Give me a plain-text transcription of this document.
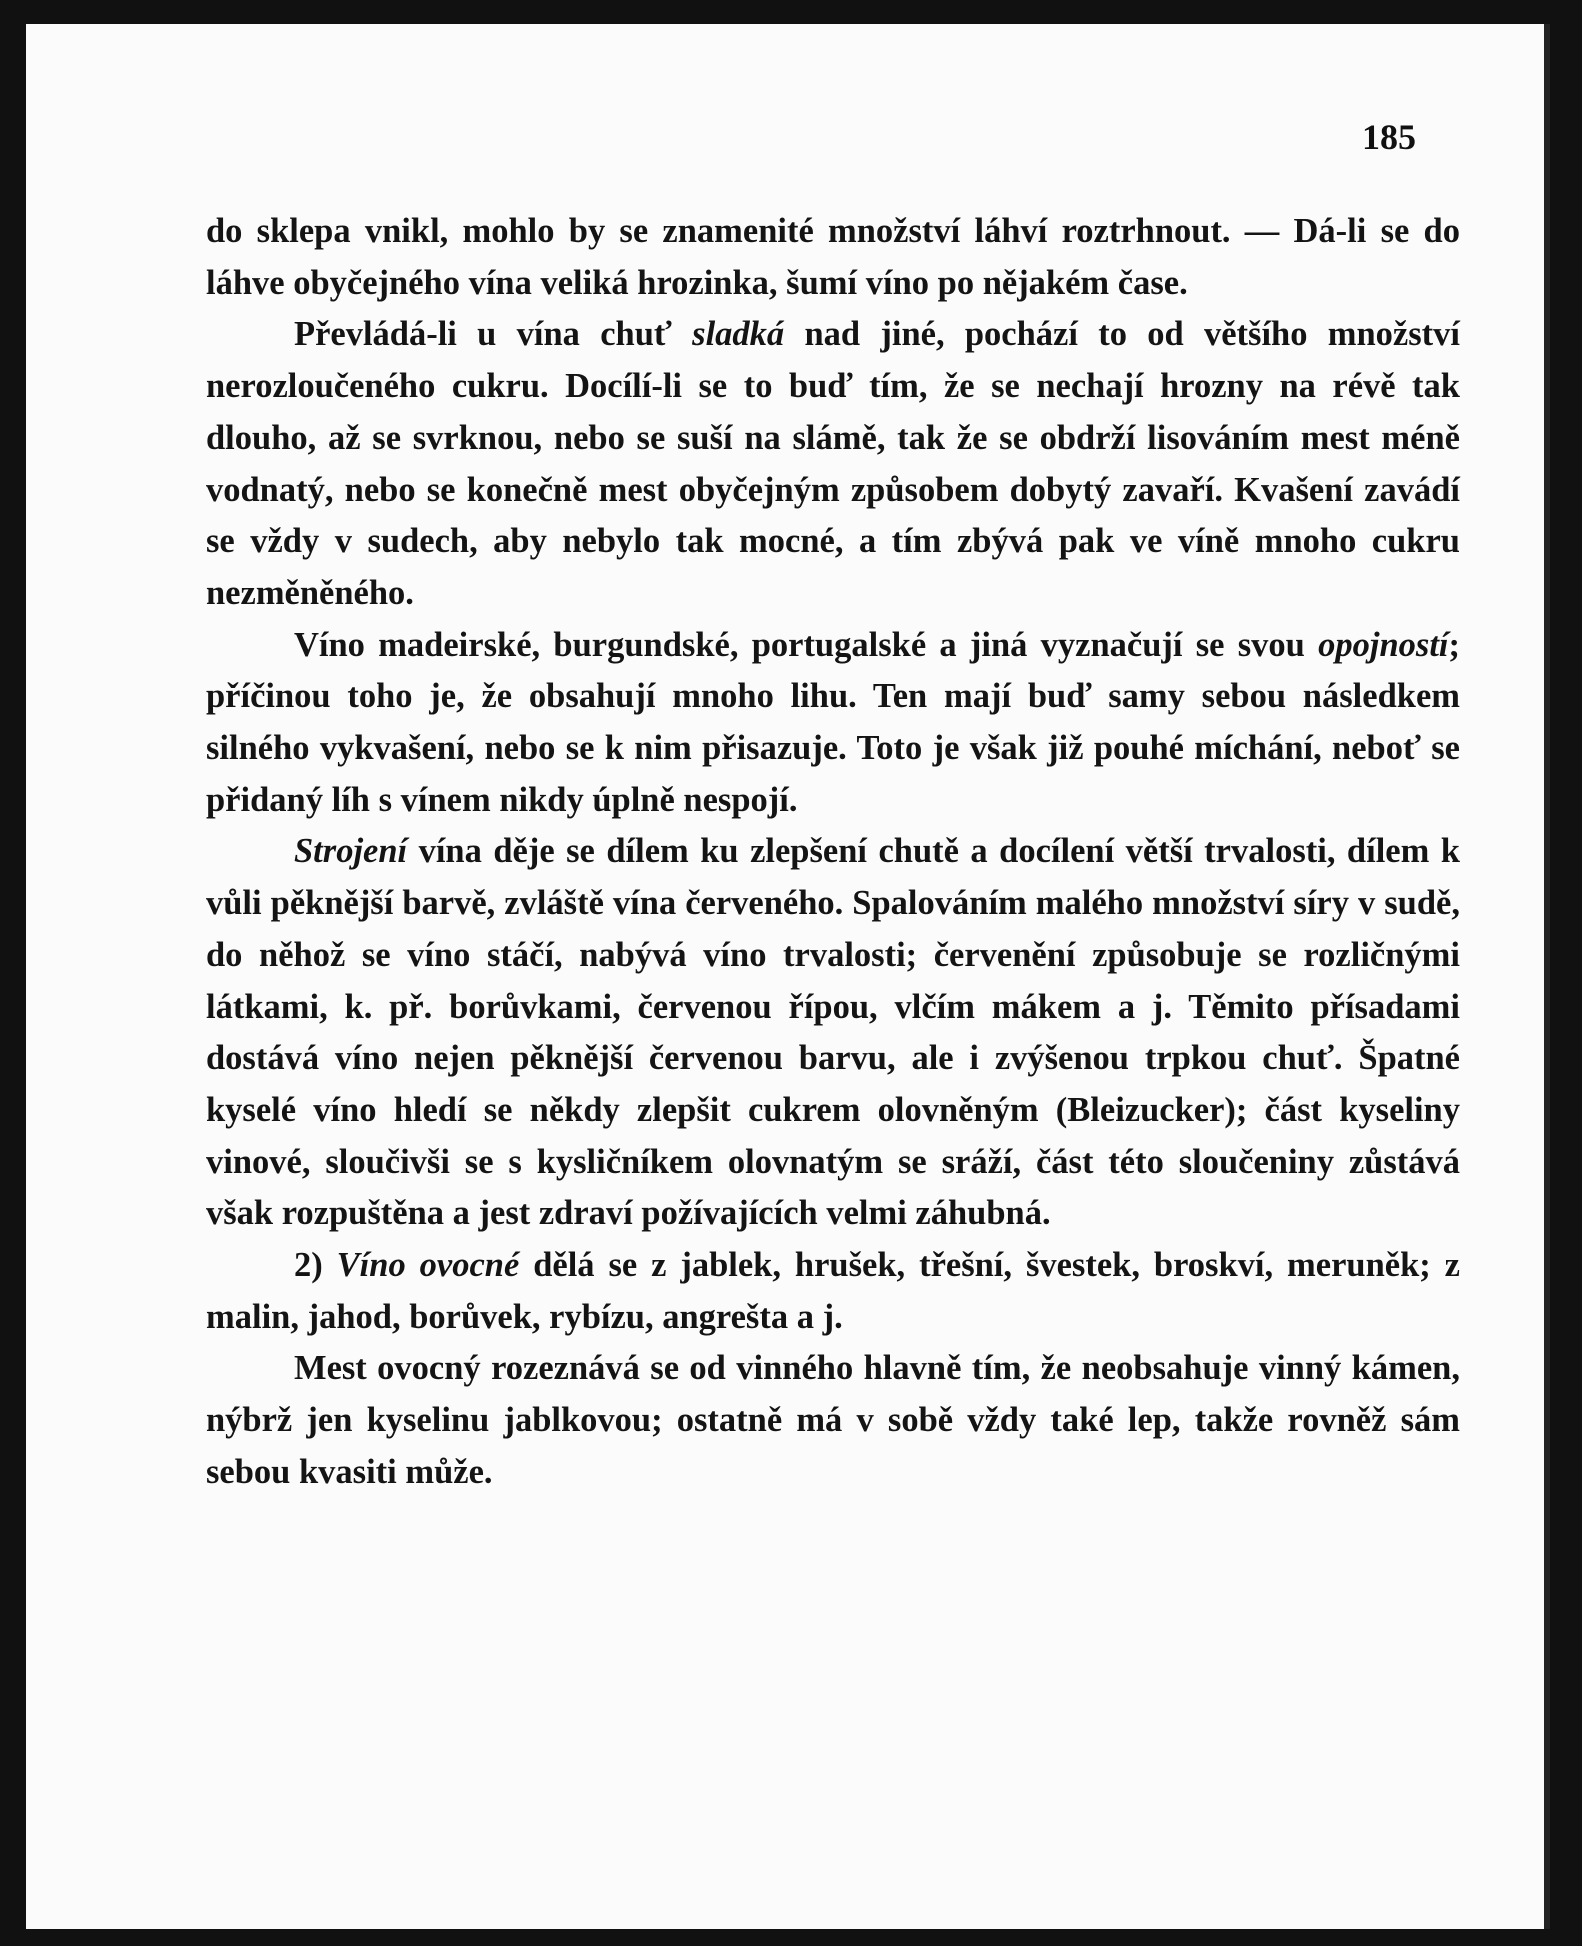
185

do sklepa vnikl, mohlo by se znamenité množství láhví roztrhnout. — Dá-li se do láhve obyčejného vína veliká hrozinka, šumí víno po nějakém čase.

Převládá-li u vína chuť sladká nad jiné, pochází to od většího množství nerozloučeného cukru. Docílí-li se to buď tím, že se nechají hrozny na révě tak dlouho, až se svrknou, nebo se suší na slámě, tak že se obdrží lisováním mest méně vodnatý, nebo se konečně mest obyčejným způsobem dobytý zavaří. Kvašení zavádí se vždy v sudech, aby nebylo tak mocné, a tím zbývá pak ve víně mnoho cukru nezměněného.

Víno madeirské, burgundské, portugalské a jiná vyznačují se svou opojností; příčinou toho je, že obsahují mnoho lihu. Ten mají buď samy sebou následkem silného vykvašení, nebo se k nim přisazuje. Toto je však již pouhé míchání, neboť se přidaný líh s vínem nikdy úplně nespojí.

Strojení vína děje se dílem ku zlepšení chutě a docílení větší trvalosti, dílem k vůli pěknější barvě, zvláště vína červeného. Spalováním malého množství síry v sudě, do něhož se víno stáčí, nabývá víno trvalosti; červenění způsobuje se rozličnými látkami, k. př. borůvkami, červenou řípou, vlčím mákem a j. Těmito přísadami dostává víno nejen pěknější červenou barvu, ale i zvýšenou trpkou chuť. Špatné kyselé víno hledí se někdy zlepšit cukrem olovněným (Bleizucker); část kyseliny vinové, sloučivši se s kysličníkem olovnatým se sráží, část této sloučeniny zůstává však rozpuštěna a jest zdraví požívajících velmi záhubná.

2) Víno ovocné dělá se z jablek, hrušek, třešní, švestek, broskví, meruněk; z malin, jahod, borůvek, rybízu, angrešta a j.

Mest ovocný rozeznává se od vinného hlavně tím, že neobsahuje vinný kámen, nýbrž jen kyselinu jablkovou; ostatně má v sobě vždy také lep, takže rovněž sám sebou kvasiti může.
